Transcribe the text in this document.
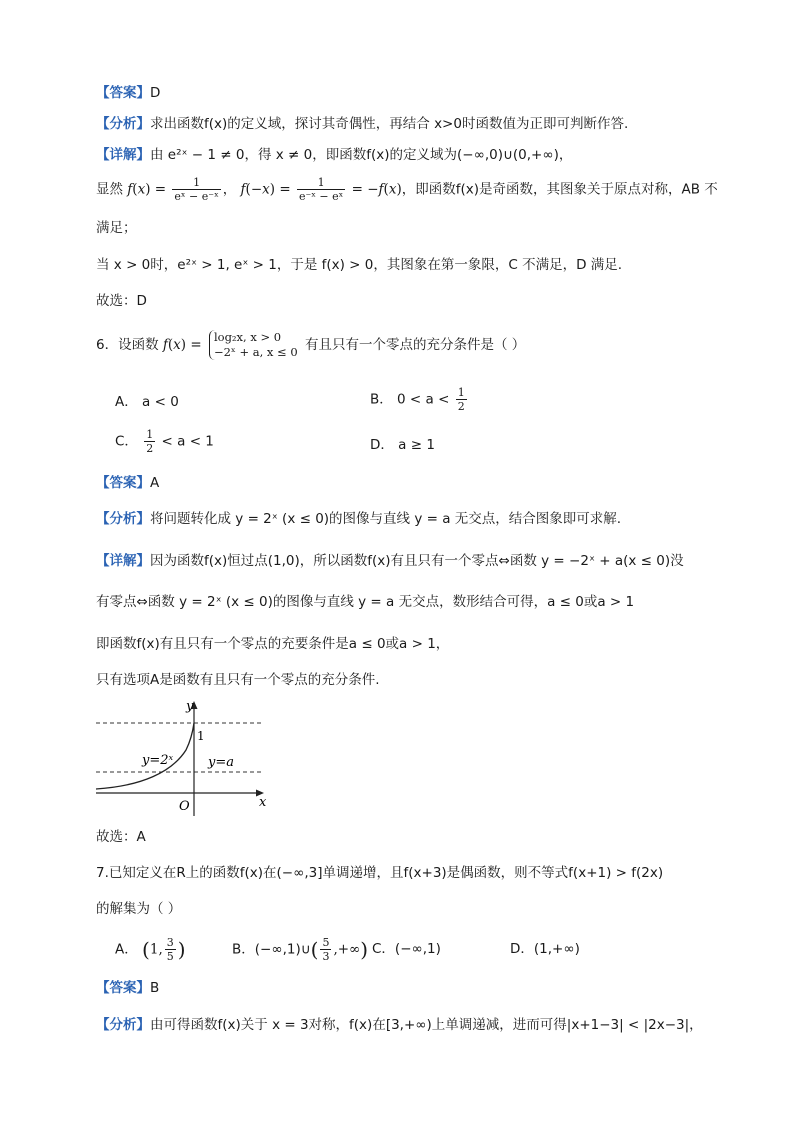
【答案】D
【分析】求出函数f(x)的定义域，探讨其奇偶性，再结合 x>0时函数值为正即可判断作答.
【详解】由 e²ˣ − 1 ≠ 0，得 x ≠ 0，即函数f(x)的定义域为(−∞,0)∪(0,+∞)，
显然 $f(x) = \frac{1}{\text{eˣ − e⁻ˣ}}$ ， $f(-x) = \frac{1}{\text{e⁻ˣ − eˣ}} = -f(x)$，即函数f(x)是奇函数，其图象关于原点对称，AB 不
满足；
当 x > 0时，e²ˣ > 1, eˣ > 1，于是 f(x) > 0，其图象在第一象限，C 不满足，D 满足.
故选：D
6．设函数 f(x) = log₂x, x > 0
−2ˣ + a, x ≤ 0 有且只有一个零点的充分条件是（ ）
A． a < 0	B． $0 < a < \frac{1}{2}$
C． $\frac{1}{2} < a < 1$	D． a ≥ 1
【答案】A
【分析】将问题转化成 y = 2ˣ (x ≤ 0)的图像与直线 y = a 无交点，结合图象即可求解.
【详解】因为函数f(x)恒过点(1,0)，所以函数f(x)有且只有一个零点⇔函数 y = −2ˣ + a(x ≤ 0)没
有零点⇔函数 y = 2ˣ (x ≤ 0)的图像与直线 y = a 无交点，数形结合可得，a ≤ 0或a > 1
即函数f(x)有且只有一个零点的充要条件是a ≤ 0或a > 1，
只有选项A是函数有且只有一个零点的充分条件.
y
x
O
1
y=2ˣ	y=a
故选：A
7.已知定义在R上的函数f(x)在(−∞,3]单调递增，且f(x+3)是偶函数，则不等式f(x+1) > f(2x)
的解集为（ ）
A． (1, $\frac{3}{5}$ )	B．(−∞,1)∪( $\frac{5}{3}$ ,+∞) C．(−∞,1)	D．(1,+∞)
【答案】B
【分析】由可得函数f(x)关于 x = 3对称，f(x)在[3,+∞)上单调递减，进而可得|x+1−3| < |2x−3|，
